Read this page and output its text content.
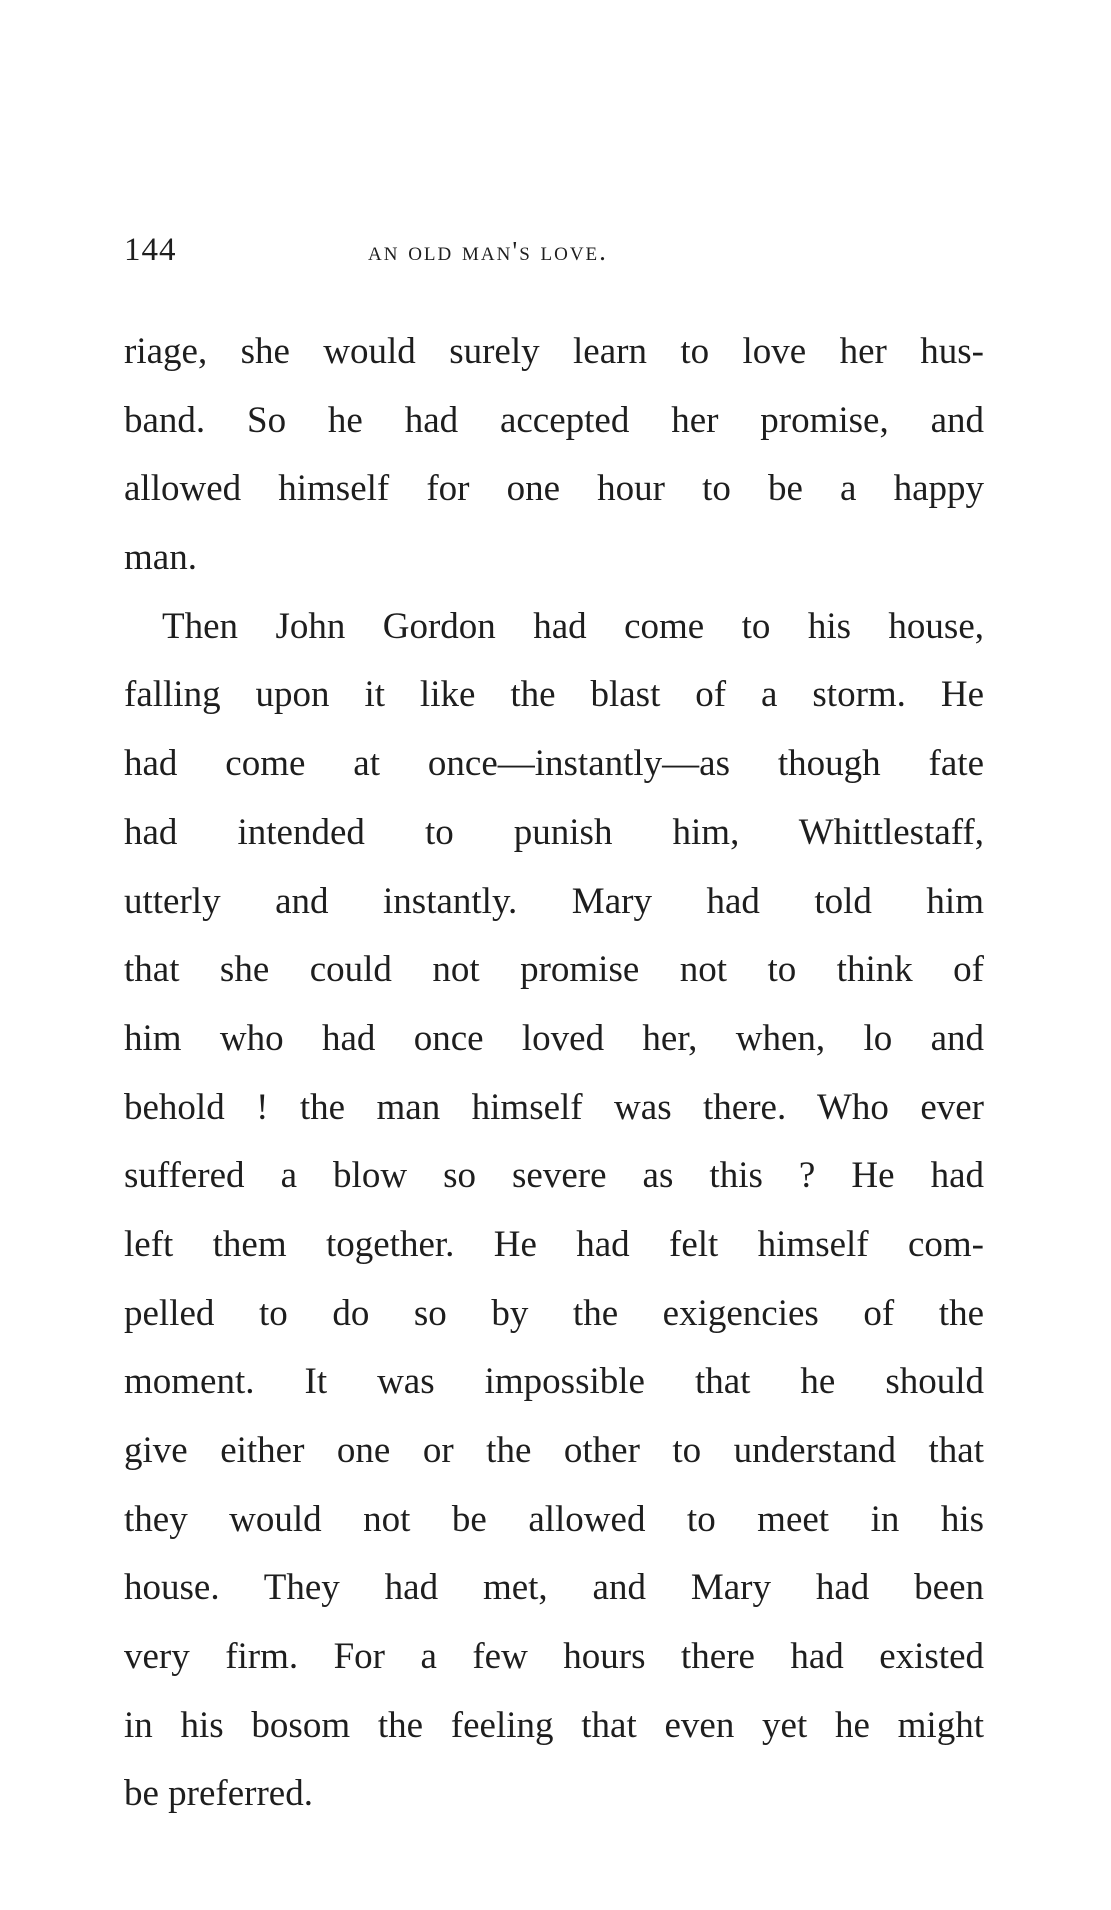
144	an old man's love.
riage, she would surely learn to love her hus-
band. So he had accepted her promise, and
allowed himself for one hour to be a happy
man.
Then John Gordon had come to his house,
falling upon it like the blast of a storm. He
had come at once—instantly—as though fate
had intended to punish him, Whittlestaff,
utterly and instantly. Mary had told him
that she could not promise not to think of
him who had once loved her, when, lo and
behold ! the man himself was there. Who ever
suffered a blow so severe as this ? He had
left them together. He had felt himself com-
pelled to do so by the exigencies of the
moment. It was impossible that he should
give either one or the other to understand that
they would not be allowed to meet in his
house. They had met, and Mary had been
very firm. For a few hours there had existed
in his bosom the feeling that even yet he might
be preferred.
